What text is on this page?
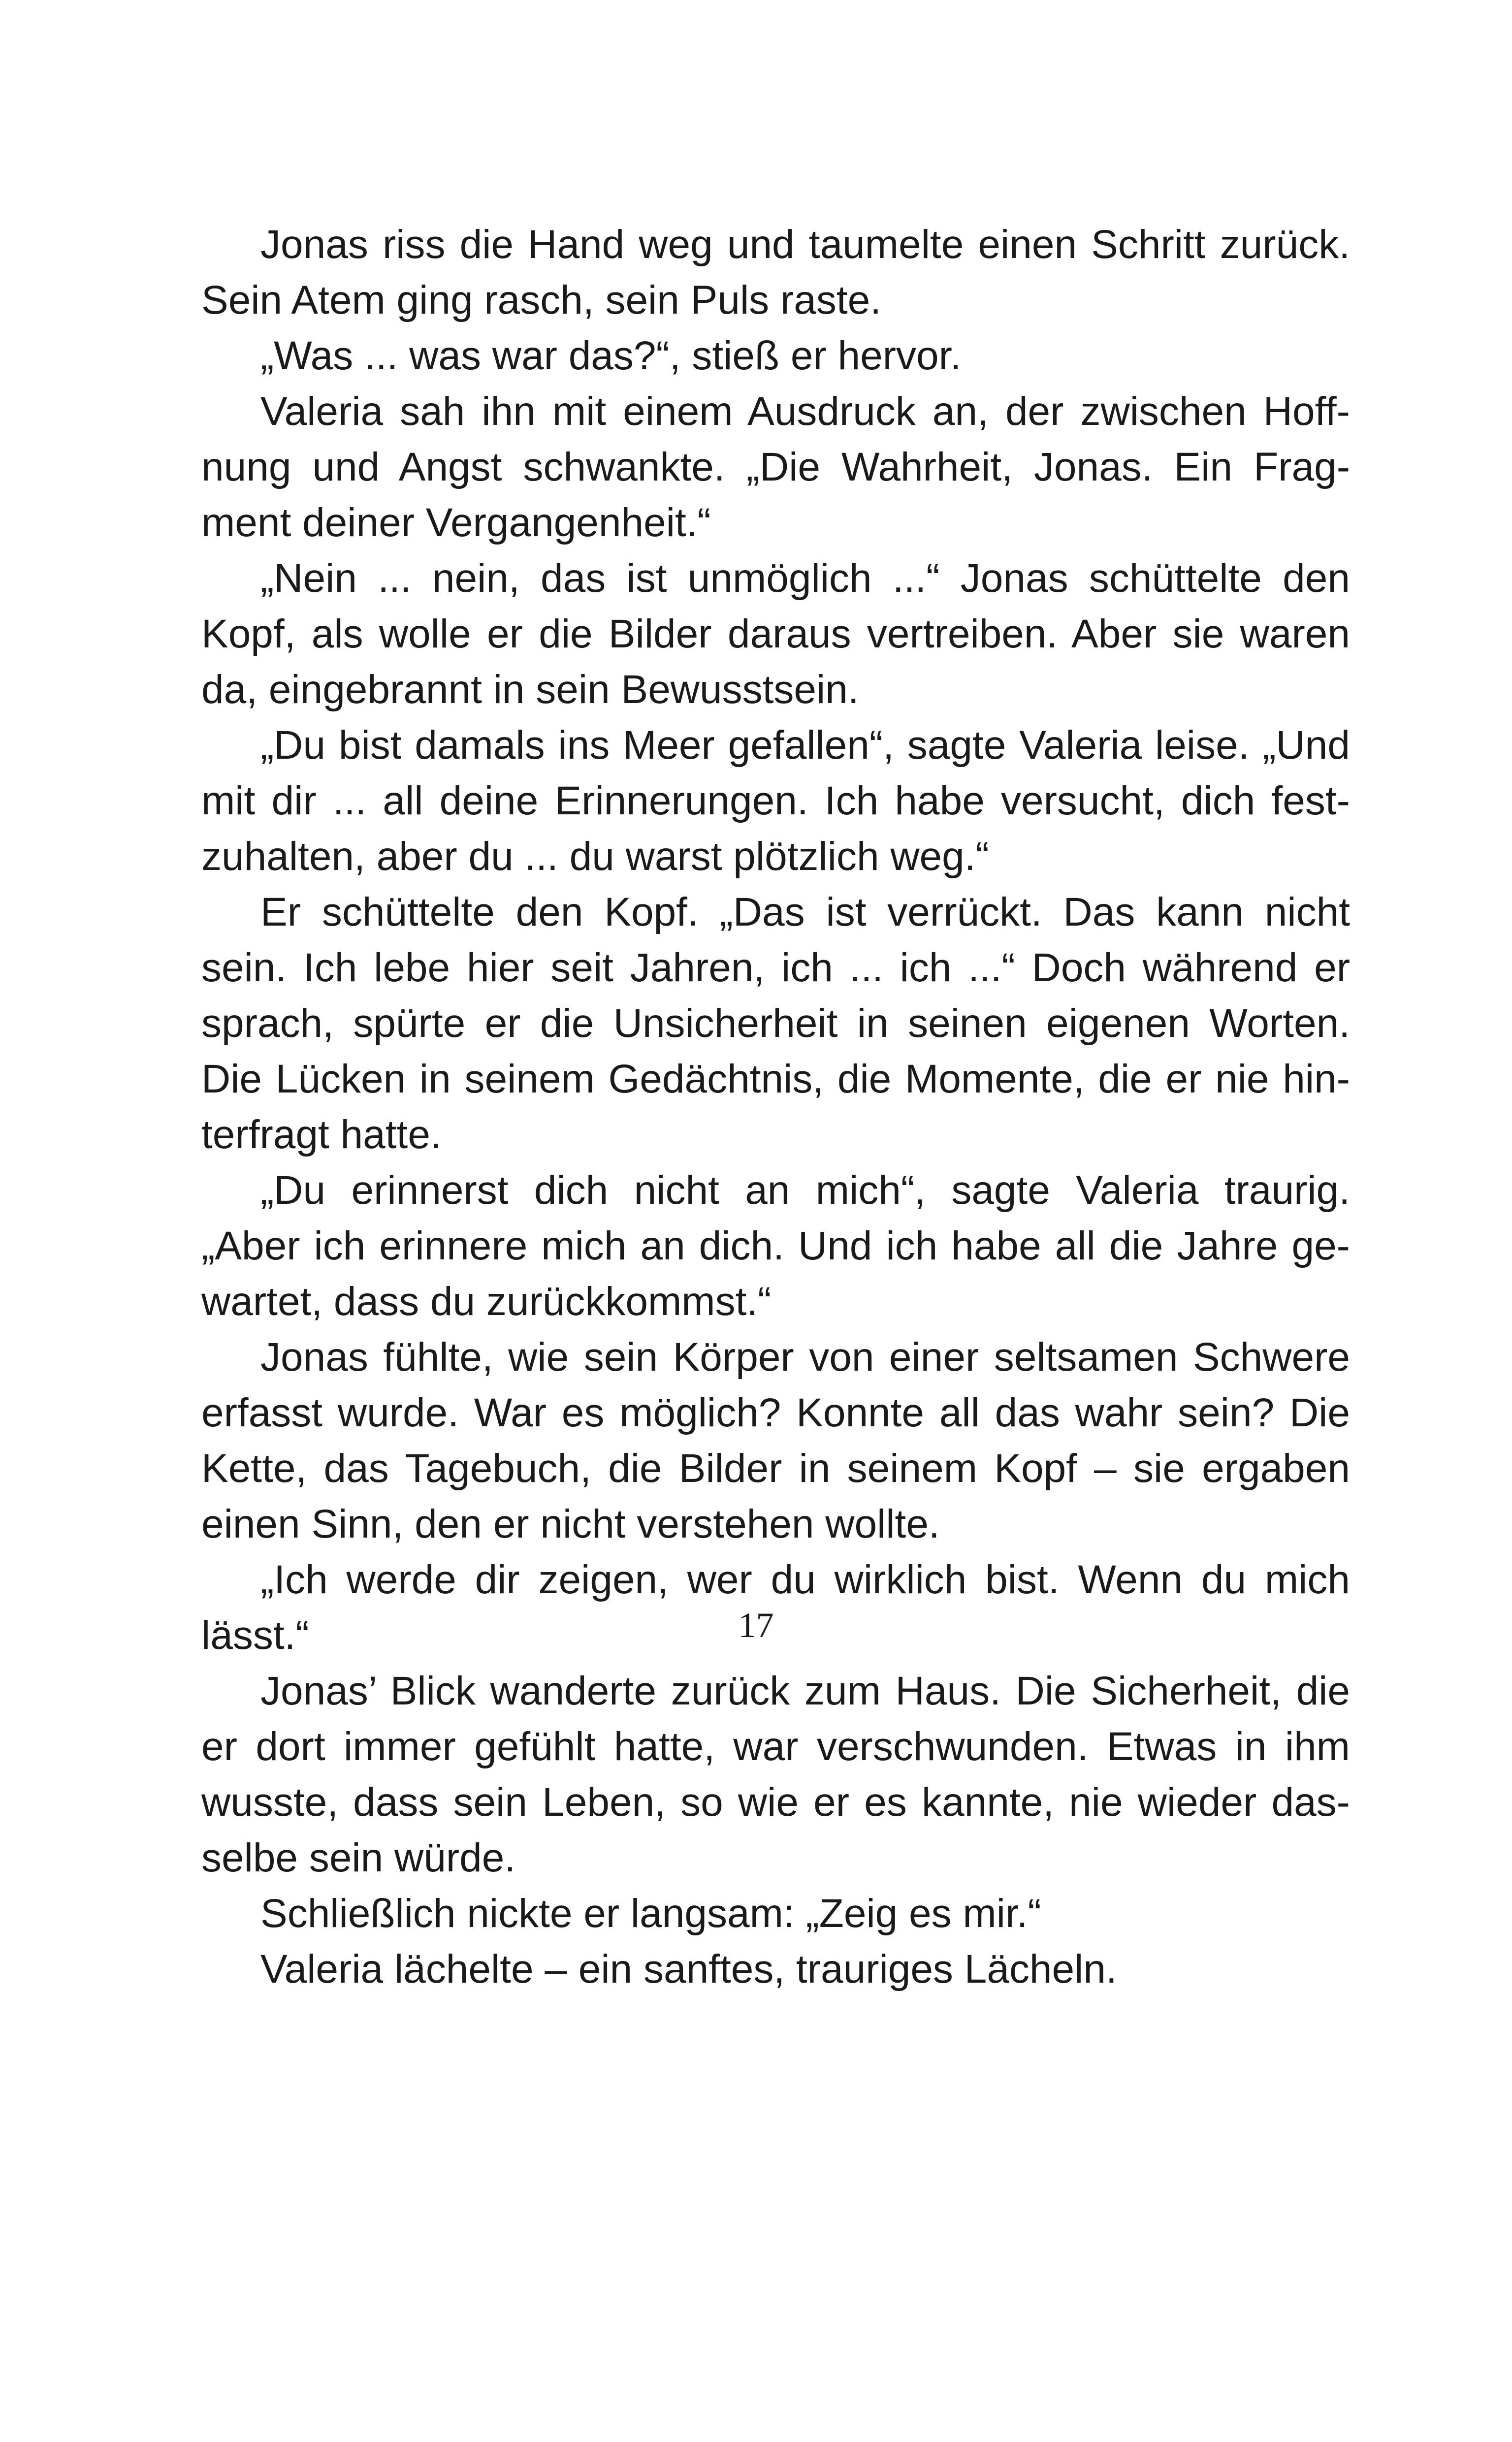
Jonas riss die Hand weg und taumelte einen Schritt zurück.
Sein Atem ging rasch, sein Puls raste.
„Was ... was war das?“, stieß er hervor.
Valeria sah ihn mit einem Ausdruck an, der zwischen Hoff-
nung und Angst schwankte. „Die Wahrheit, Jonas. Ein Frag-
ment deiner Vergangenheit.“
„Nein ... nein, das ist unmöglich ...“ Jonas schüttelte den
Kopf, als wolle er die Bilder daraus vertreiben. Aber sie waren
da, eingebrannt in sein Bewusstsein.
„Du bist damals ins Meer gefallen“, sagte Valeria leise. „Und
mit dir ... all deine Erinnerungen. Ich habe versucht, dich fest-
zuhalten, aber du ... du warst plötzlich weg.“
Er schüttelte den Kopf. „Das ist verrückt. Das kann nicht
sein. Ich lebe hier seit Jahren, ich ... ich ...“ Doch während er
sprach, spürte er die Unsicherheit in seinen eigenen Worten.
Die Lücken in seinem Gedächtnis, die Momente, die er nie hin-
terfragt hatte.
„Du erinnerst dich nicht an mich“, sagte Valeria traurig.
„Aber ich erinnere mich an dich. Und ich habe all die Jahre ge-
wartet, dass du zurückkommst.“
Jonas fühlte, wie sein Körper von einer seltsamen Schwere
erfasst wurde. War es möglich? Konnte all das wahr sein? Die
Kette, das Tagebuch, die Bilder in seinem Kopf – sie ergaben
einen Sinn, den er nicht verstehen wollte.
„Ich werde dir zeigen, wer du wirklich bist. Wenn du mich
lässt.“
Jonas’ Blick wanderte zurück zum Haus. Die Sicherheit, die
er dort immer gefühlt hatte, war verschwunden. Etwas in ihm
wusste, dass sein Leben, so wie er es kannte, nie wieder das-
selbe sein würde.
Schließlich nickte er langsam: „Zeig es mir.“
Valeria lächelte – ein sanftes, trauriges Lächeln.
17
